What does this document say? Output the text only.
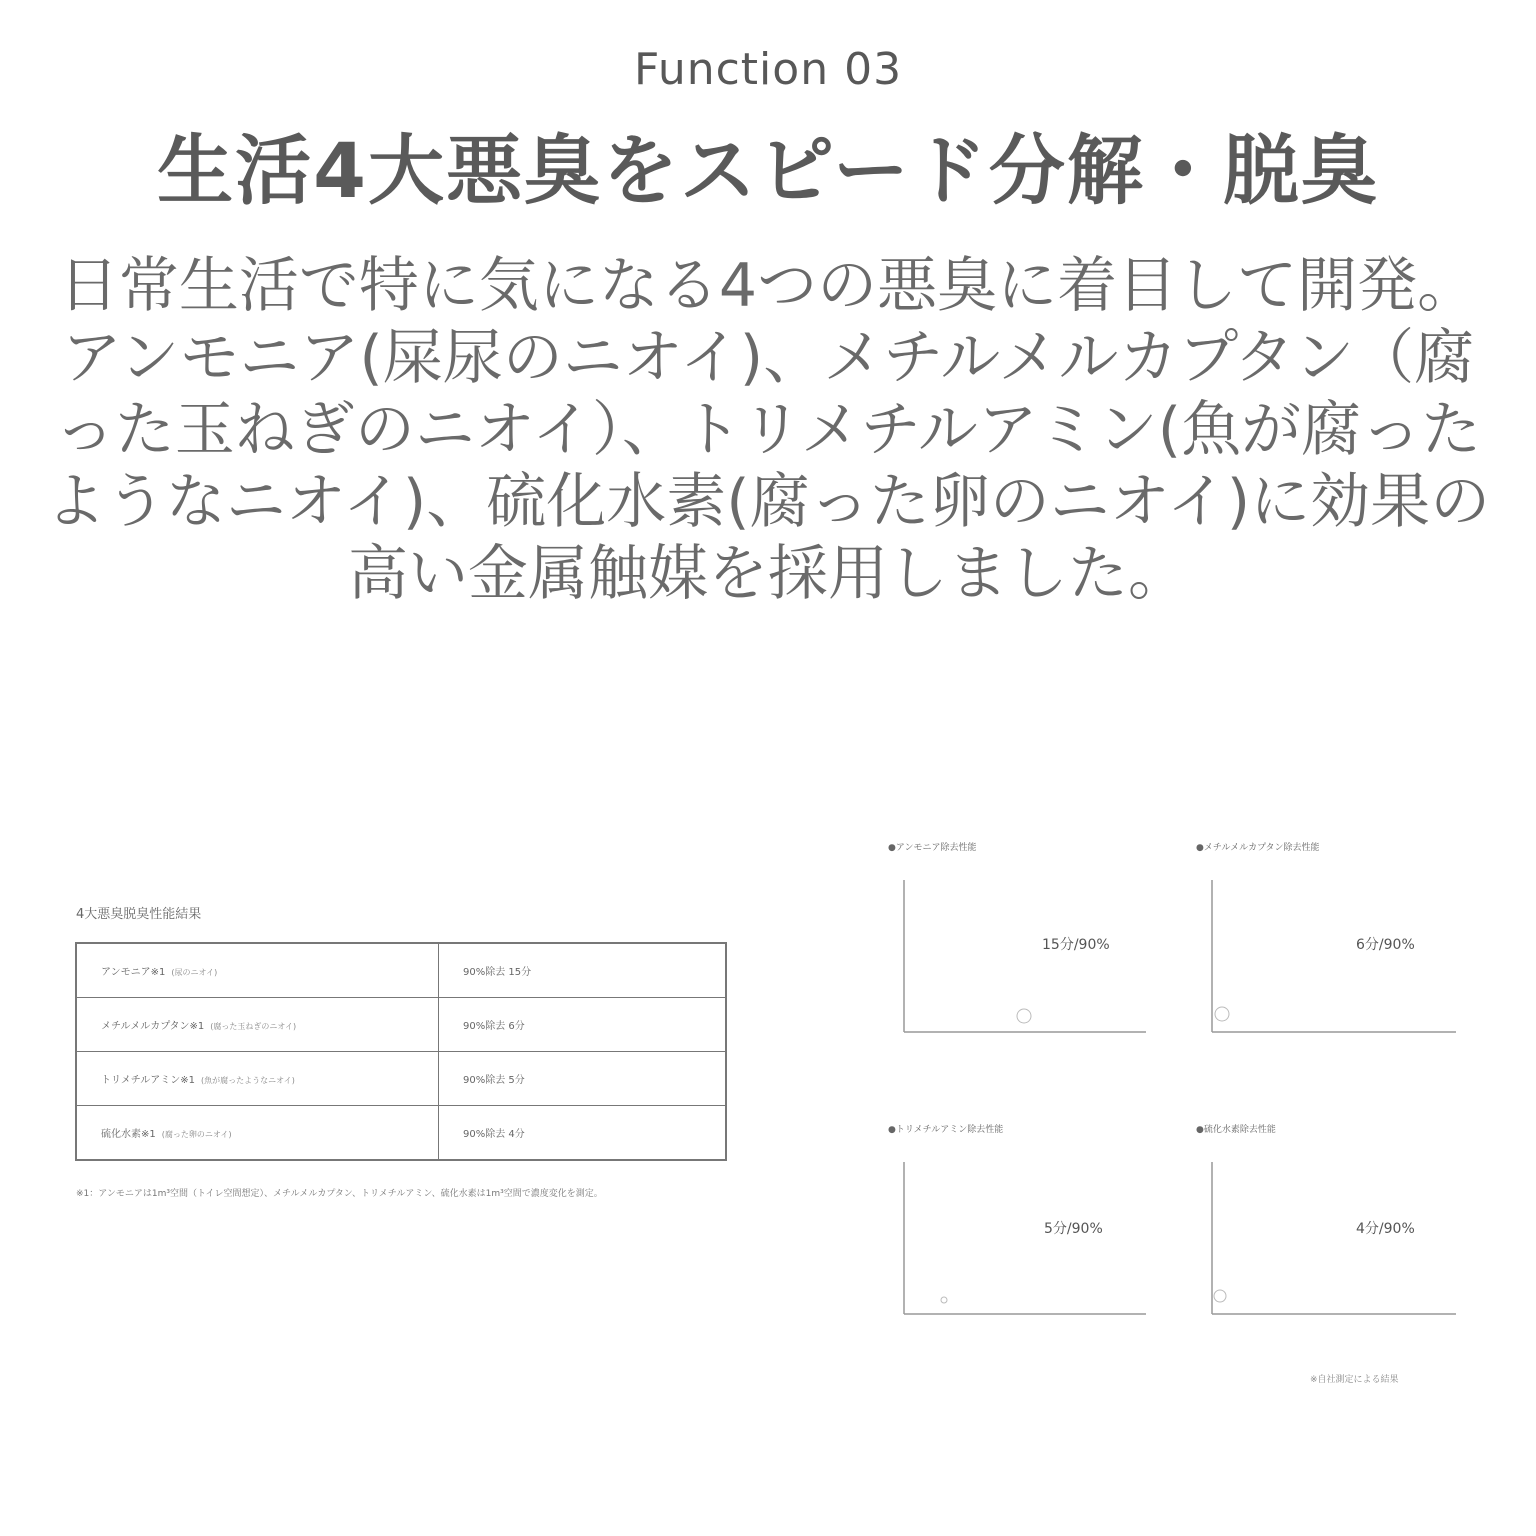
Function 03
生活4大悪臭をスピード分解・脱臭
日常生活で特に気になる4つの悪臭に着目して開発。アンモニア(屎尿のニオイ)、メチルメルカプタン（腐った玉ねぎのニオイ）、トリメチルアミン(魚が腐ったようなニオイ)、硫化水素(腐った卵のニオイ)に効果の高い金属触媒を採用しました。
4大悪臭脱臭性能結果
アンモニア※1 (尿のニオイ)	90%除去 15分
メチルメルカプタン※1 (腐った玉ねぎのニオイ)	90%除去 6分
トリメチルアミン※1 (魚が腐ったようなニオイ)	90%除去 5分
硫化水素※1 (腐った卵のニオイ)	90%除去 4分
※1：アンモニアは1m³空間（トイレ空間想定）、メチルメルカプタン、トリメチルアミン、硫化水素は1m³空間で濃度変化を測定。
●アンモニア除去性能
15分/90%
●メチルメルカプタン除去性能
6分/90%
●トリメチルアミン除去性能
5分/90%
●硫化水素除去性能
4分/90%
※自社測定による結果
